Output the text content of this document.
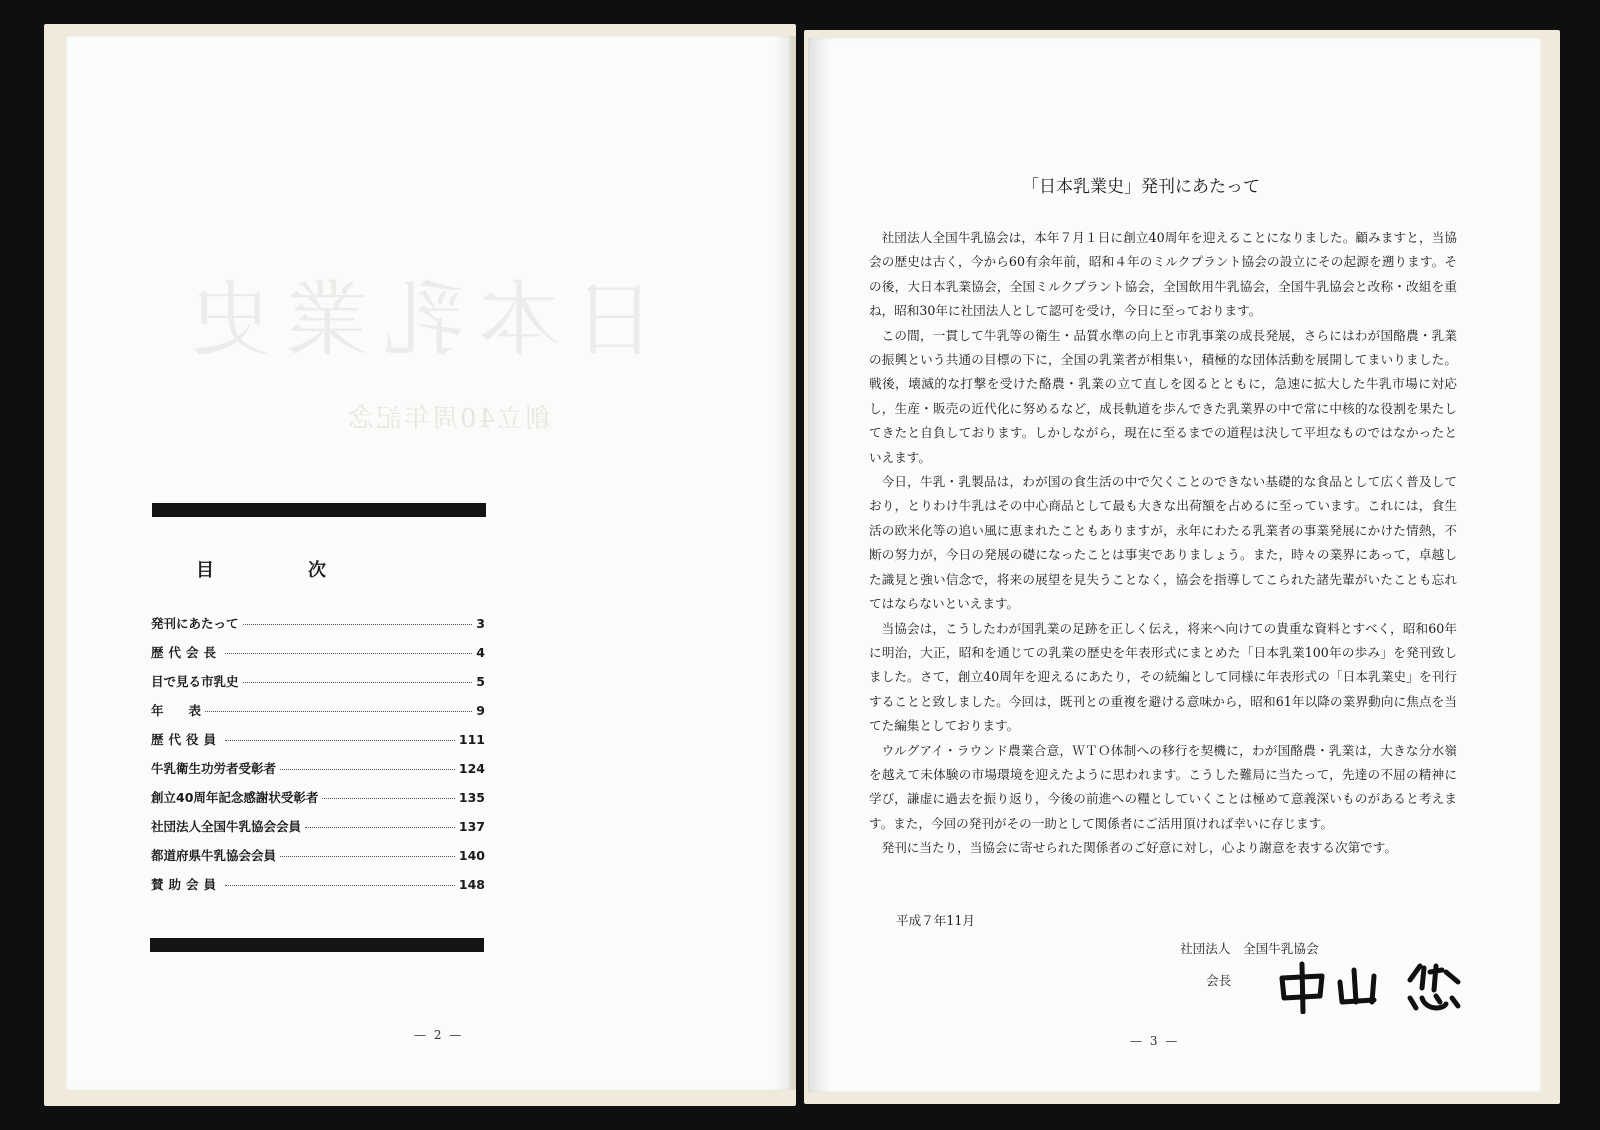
日本乳業史
創立40周年記念
目　次
発刊にあたって	3
歴代会長	4
目で見る市乳史	5
年　　表	9
歴代役員	111
牛乳衛生功労者受彰者	124
創立40周年記念感謝状受彰者	135
社団法人全国牛乳協会会員	137
都道府県牛乳協会会員	140
賛助会員	148
— 2 —
「日本乳業史」発刊にあたって

社団法人全国牛乳協会は，本年７月１日に創立40周年を迎えることになりました。顧みますと，当協会の歴史は古く，今から60有余年前，昭和４年のミルクプラント協会の設立にその起源を遡ります。その後，大日本乳業協会，全国ミルクプラント協会，全国飲用牛乳協会，全国牛乳協会と改称・改組を重ね，昭和30年に社団法人として認可を受け，今日に至っております。

この間，一貫して牛乳等の衛生・品質水準の向上と市乳事業の成長発展，さらにはわが国酪農・乳業の振興という共通の目標の下に，全国の乳業者が相集い，積極的な団体活動を展開してまいりました。戦後，壊滅的な打撃を受けた酪農・乳業の立て直しを図るとともに，急速に拡大した牛乳市場に対応し，生産・販売の近代化に努めるなど，成長軌道を歩んできた乳業界の中で常に中核的な役割を果たしてきたと自負しております。しかしながら，現在に至るまでの道程は決して平坦なものではなかったといえます。

今日，牛乳・乳製品は，わが国の食生活の中で欠くことのできない基礎的な食品として広く普及しており，とりわけ牛乳はその中心商品として最も大きな出荷額を占めるに至っています。これには，食生活の欧米化等の追い風に恵まれたこともありますが，永年にわたる乳業者の事業発展にかけた情熱，不断の努力が，今日の発展の礎になったことは事実でありましょう。また，時々の業界にあって，卓越した識見と強い信念で，将来の展望を見失うことなく，協会を指導してこられた諸先輩がいたことも忘れてはならないといえます。

当協会は，こうしたわが国乳業の足跡を正しく伝え，将来へ向けての貴重な資料とすべく，昭和60年に明治，大正，昭和を通じての乳業の歴史を年表形式にまとめた「日本乳業100年の歩み」を発刊致しました。さて，創立40周年を迎えるにあたり，その続編として同様に年表形式の「日本乳業史」を刊行することと致しました。今回は，既刊との重複を避ける意味から，昭和61年以降の業界動向に焦点を当てた編集としております。

ウルグアイ・ラウンド農業合意，ＷＴＯ体制への移行を契機に，わが国酪農・乳業は，大きな分水嶺を越えて未体験の市場環境を迎えたように思われます。こうした難局に当たって，先達の不屈の精神に学び，謙虚に過去を振り返り，今後の前進への糧としていくことは極めて意義深いものがあると考えます。また，今回の発刊がその一助として関係者にご活用頂ければ幸いに存じます。

発刊に当たり，当協会に寄せられた関係者のご好意に対し，心より謝意を表する次第です。

平成７年11月
社団法人　全国牛乳協会
会長
— 3 —
